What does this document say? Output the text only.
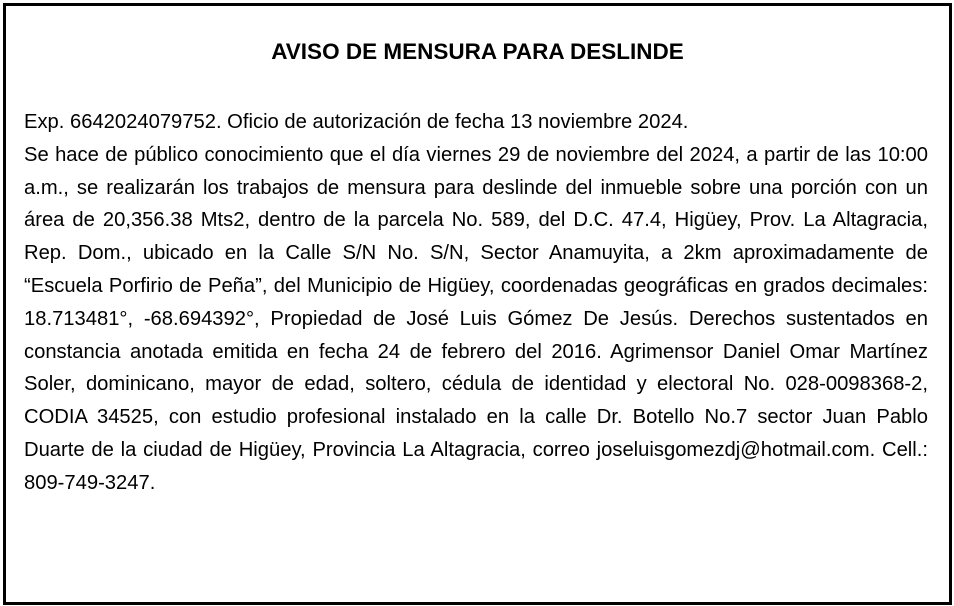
AVISO DE MENSURA PARA DESLINDE
Exp. 6642024079752. Oficio de autorización de fecha 13 noviembre 2024.
Se hace de público conocimiento que el día viernes 29 de noviembre del 2024, a partir de las 10:00 a.m., se realizarán los trabajos de mensura para deslinde del inmueble sobre una porción con un área de 20,356.38 Mts2, dentro de la parcela No. 589, del D.C. 47.4, Higüey, Prov. La Altagracia, Rep. Dom., ubicado en la Calle S/N No. S/N, Sector Anamuyita, a 2km aproximadamente de “Escuela Porfirio de Peña”, del Municipio de Higüey, coordenadas geográficas en grados decimales: 18.713481°, -68.694392°, Propiedad de José Luis Gómez De Jesús. Derechos sustentados en constancia anotada emitida en fecha 24 de febrero del 2016. Agrimensor Daniel Omar Martínez Soler, dominicano, mayor de edad, soltero, cédula de identidad y electoral No. 028-0098368-2, CODIA 34525, con estudio profesional instalado en la calle Dr. Botello No.7 sector Juan Pablo Duarte de la ciudad de Higüey, Provincia La Altagracia, correo joseluisgomezdj@hotmail.com. Cell.: 809-749-3247.
